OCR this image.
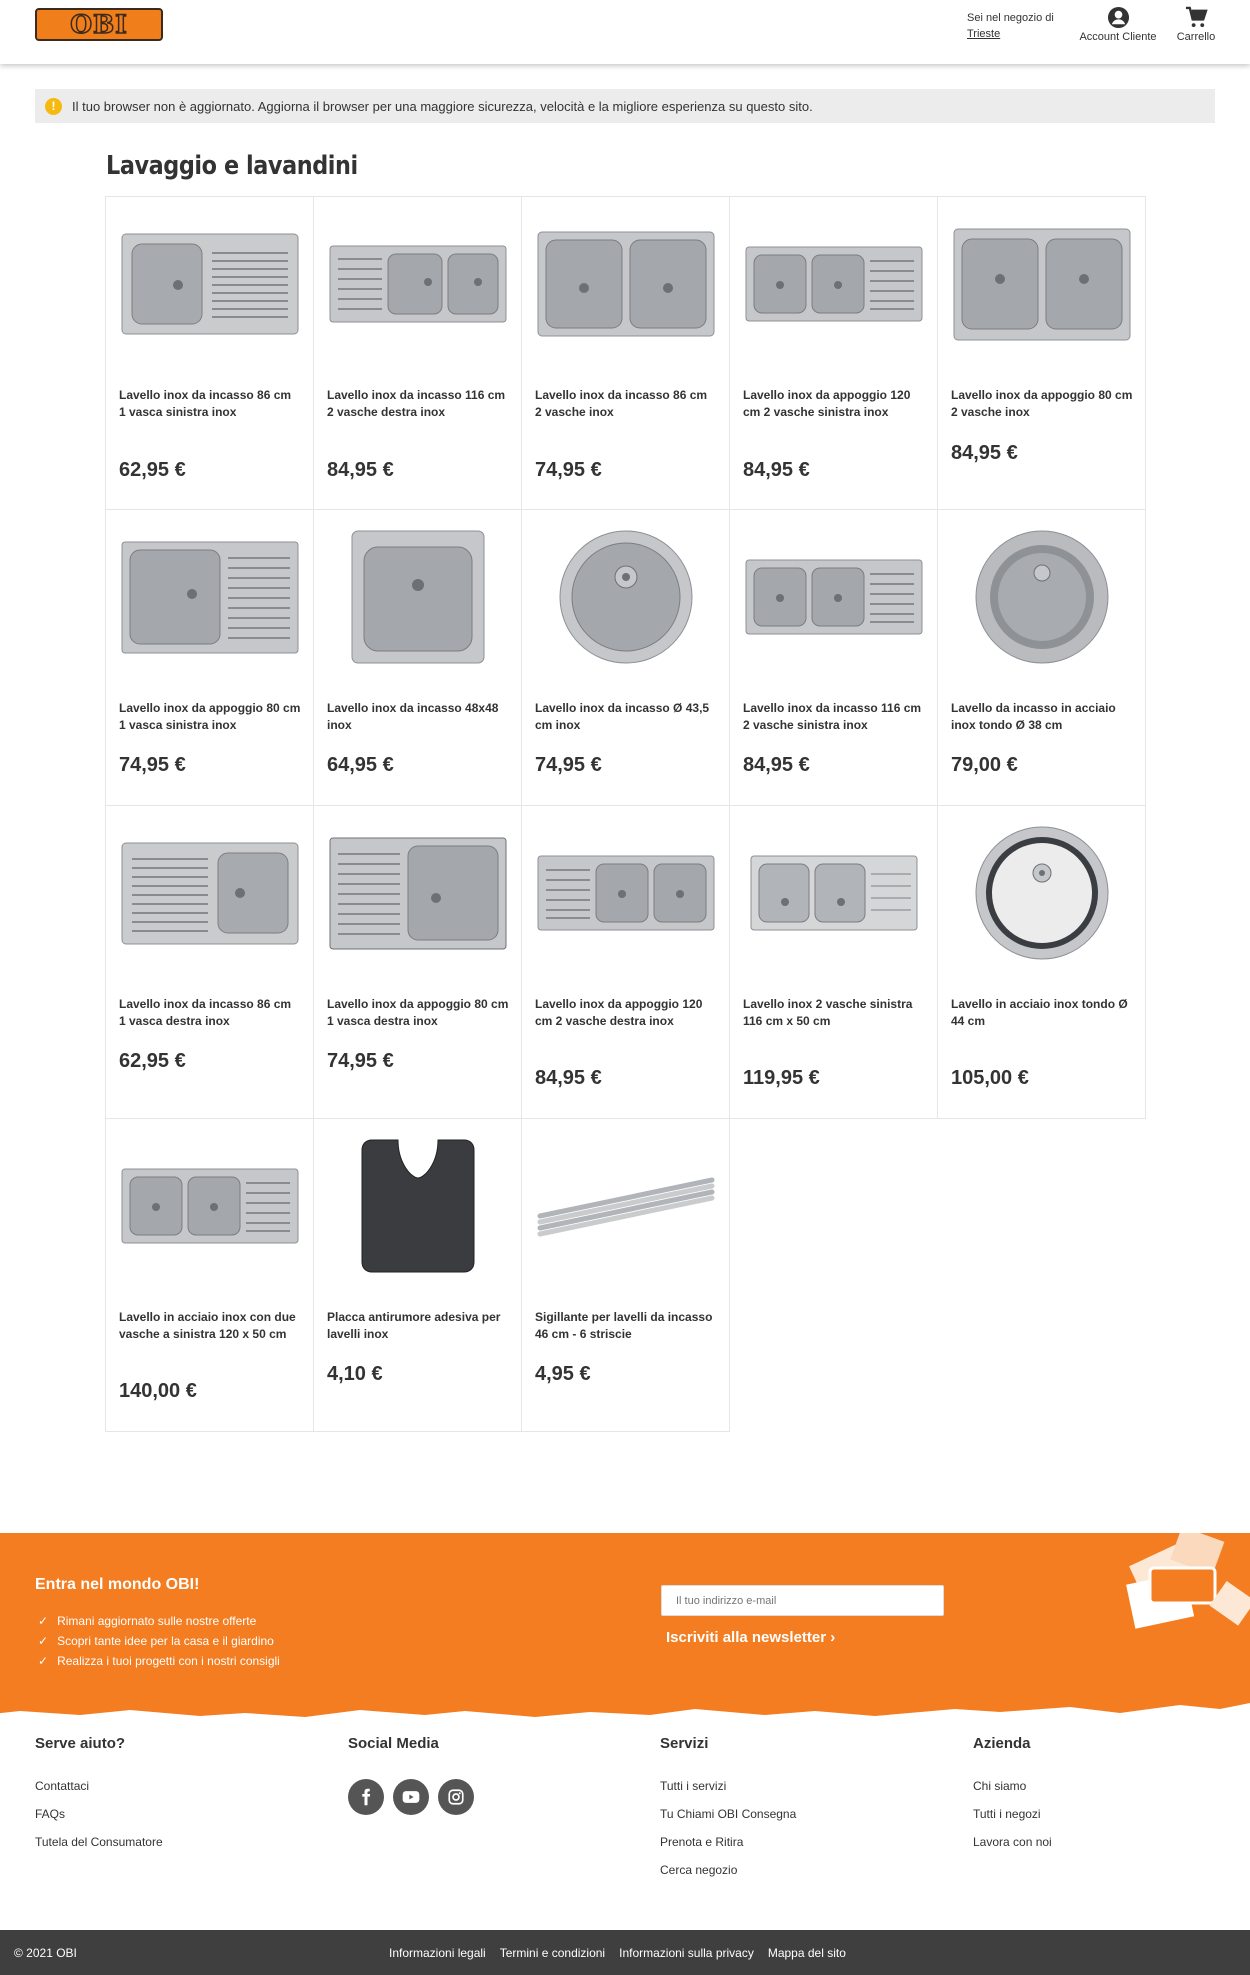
OBI	Sei nel negozio di
Trieste	Account Cliente	Carrello
!	Il tuo browser non è aggiornato. Aggiorna il browser per una maggiore sicurezza, velocità e la migliore esperienza su questo sito.
Lavaggio e lavandini
Lavello inox da incasso 86 cm 1 vasca sinistra inox
62,95 €
Lavello inox da incasso 116 cm 2 vasche destra inox
84,95 €
Lavello inox da incasso 86 cm 2 vasche inox
74,95 €
Lavello inox da appoggio 120 cm 2 vasche sinistra inox
84,95 €
Lavello inox da appoggio 80 cm 2 vasche inox
84,95 €
Lavello inox da appoggio 80 cm 1 vasca sinistra inox
74,95 €
Lavello inox da incasso 48x48 inox
64,95 €
Lavello inox da incasso Ø 43,5 cm inox
74,95 €
Lavello inox da incasso 116 cm 2 vasche sinistra inox
84,95 €
Lavello da incasso in acciaio inox tondo Ø 38 cm
79,00 €
Lavello inox da incasso 86 cm 1 vasca destra inox
62,95 €
Lavello inox da appoggio 80 cm 1 vasca destra inox
74,95 €
Lavello inox da appoggio 120 cm 2 vasche destra inox
84,95 €
Lavello inox 2 vasche sinistra 116 cm x 50 cm
119,95 €
Lavello in acciaio inox tondo Ø 44 cm
105,00 €
Lavello in acciaio inox con due vasche a sinistra 120 x 50 cm
140,00 €
Placca antirumore adesiva per lavelli inox
4,10 €
Sigillante per lavelli da incasso 46 cm - 6 striscie
4,95 €
Entra nel mondo OBI!
✓ Rimani aggiornato sulle nostre offerte
✓ Scopri tante idee per la casa e il giardino
✓ Realizza i tuoi progetti con i nostri consigli
Il tuo indirizzo e-mail
Iscriviti alla newsletter ›
Serve aiuto?
Contattaci
FAQs
Tutela del Consumatore
Social Media	Servizi
Tutti i servizi
Tu Chiami OBI Consegna
Prenota e Ritira
Cerca negozio
Azienda
Chi siamo
Tutti i negozi
Lavora con noi
© 2021 OBI	Informazioni legali Termini e condizioni Informazioni sulla privacy Mappa del sito
